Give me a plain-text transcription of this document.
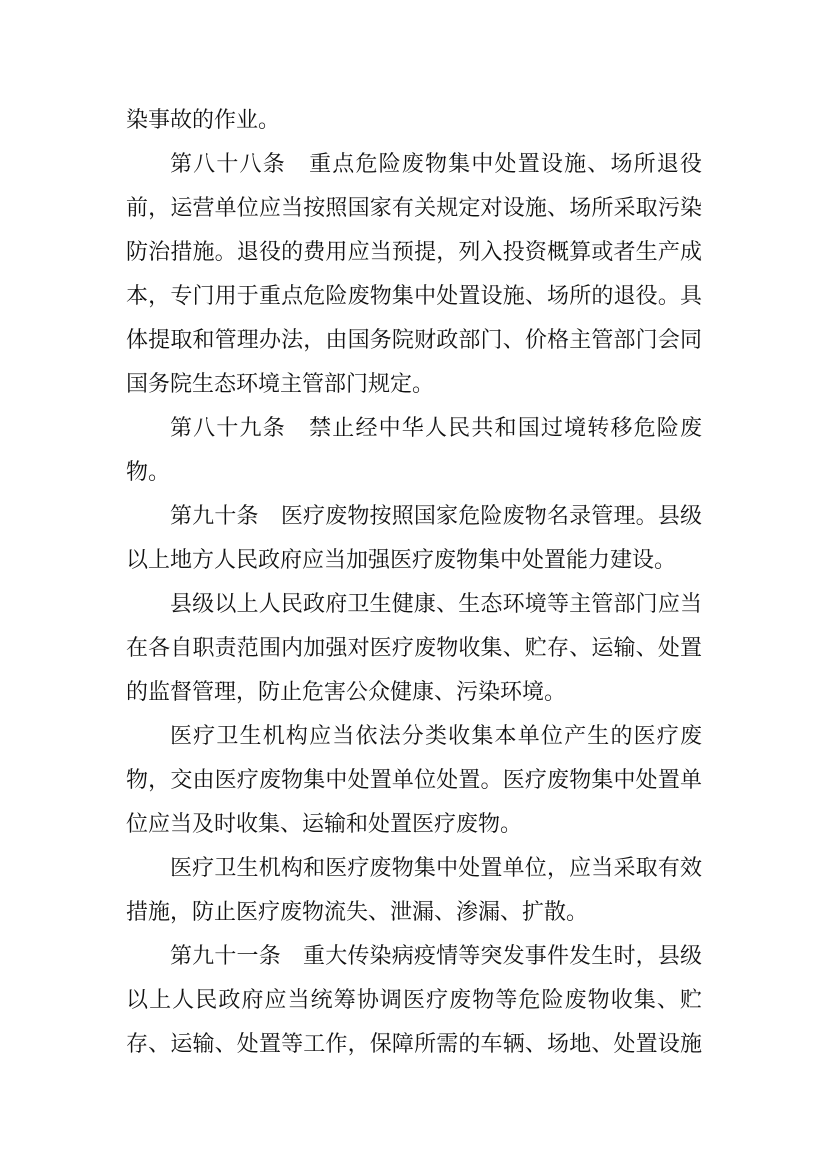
染事故的作业。
第八十八条　重点危险废物集中处置设施、场所退役
前，运营单位应当按照国家有关规定对设施、场所采取污染
防治措施。退役的费用应当预提，列入投资概算或者生产成
本，专门用于重点危险废物集中处置设施、场所的退役。具
体提取和管理办法，由国务院财政部门、价格主管部门会同
国务院生态环境主管部门规定。
第八十九条　禁止经中华人民共和国过境转移危险废
物。
第九十条　医疗废物按照国家危险废物名录管理。县级
以上地方人民政府应当加强医疗废物集中处置能力建设。
县级以上人民政府卫生健康、生态环境等主管部门应当
在各自职责范围内加强对医疗废物收集、贮存、运输、处置
的监督管理，防止危害公众健康、污染环境。
医疗卫生机构应当依法分类收集本单位产生的医疗废
物，交由医疗废物集中处置单位处置。医疗废物集中处置单
位应当及时收集、运输和处置医疗废物。
医疗卫生机构和医疗废物集中处置单位，应当采取有效
措施，防止医疗废物流失、泄漏、渗漏、扩散。
第九十一条　重大传染病疫情等突发事件发生时，县级
以上人民政府应当统筹协调医疗废物等危险废物收集、贮
存、运输、处置等工作，保障所需的车辆、场地、处置设施
